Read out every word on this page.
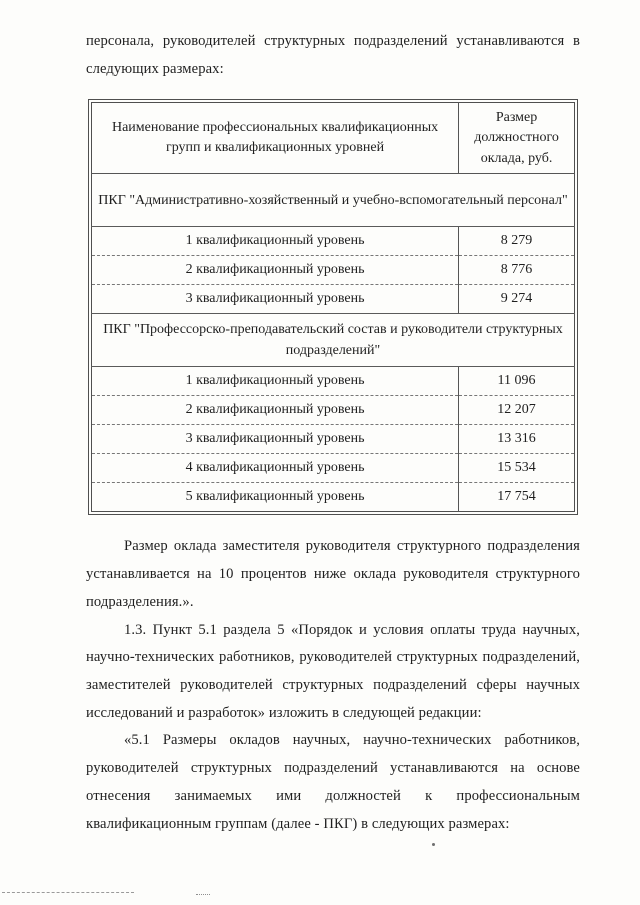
персонала, руководителей структурных подразделений устанавливаются в следующих размерах:

Наименование профессиональных квалификационных групп и квалификационных уровней	Размер должностного оклада, руб.
ПКГ "Административно-хозяйственный и учебно-вспомогательный персонал"	
1 квалификационный уровень	8 279
2 квалификационный уровень	8 776
3 квалификационный уровень	9 274
ПКГ "Профессорско-преподавательский состав и руководители структурных подразделений"	
1 квалификационный уровень	11 096
2 квалификационный уровень	12 207
3 квалификационный уровень	13 316
4 квалификационный уровень	15 534
5 квалификационный уровень	17 754

Размер оклада заместителя руководителя структурного подразделения устанавливается на 10 процентов ниже оклада руководителя структурного подразделения.».

1.3. Пункт 5.1 раздела 5 «Порядок и условия оплаты труда научных, научно-технических работников, руководителей структурных подразделений, заместителей руководителей структурных подразделений сферы научных исследований и разработок» изложить в следующей редакции:

«5.1 Размеры окладов научных, научно-технических работников, руководителей структурных подразделений устанавливаются на основе отнесения занимаемых ими должностей к профессиональным квалификационным группам (далее - ПКГ) в следующих размерах:
